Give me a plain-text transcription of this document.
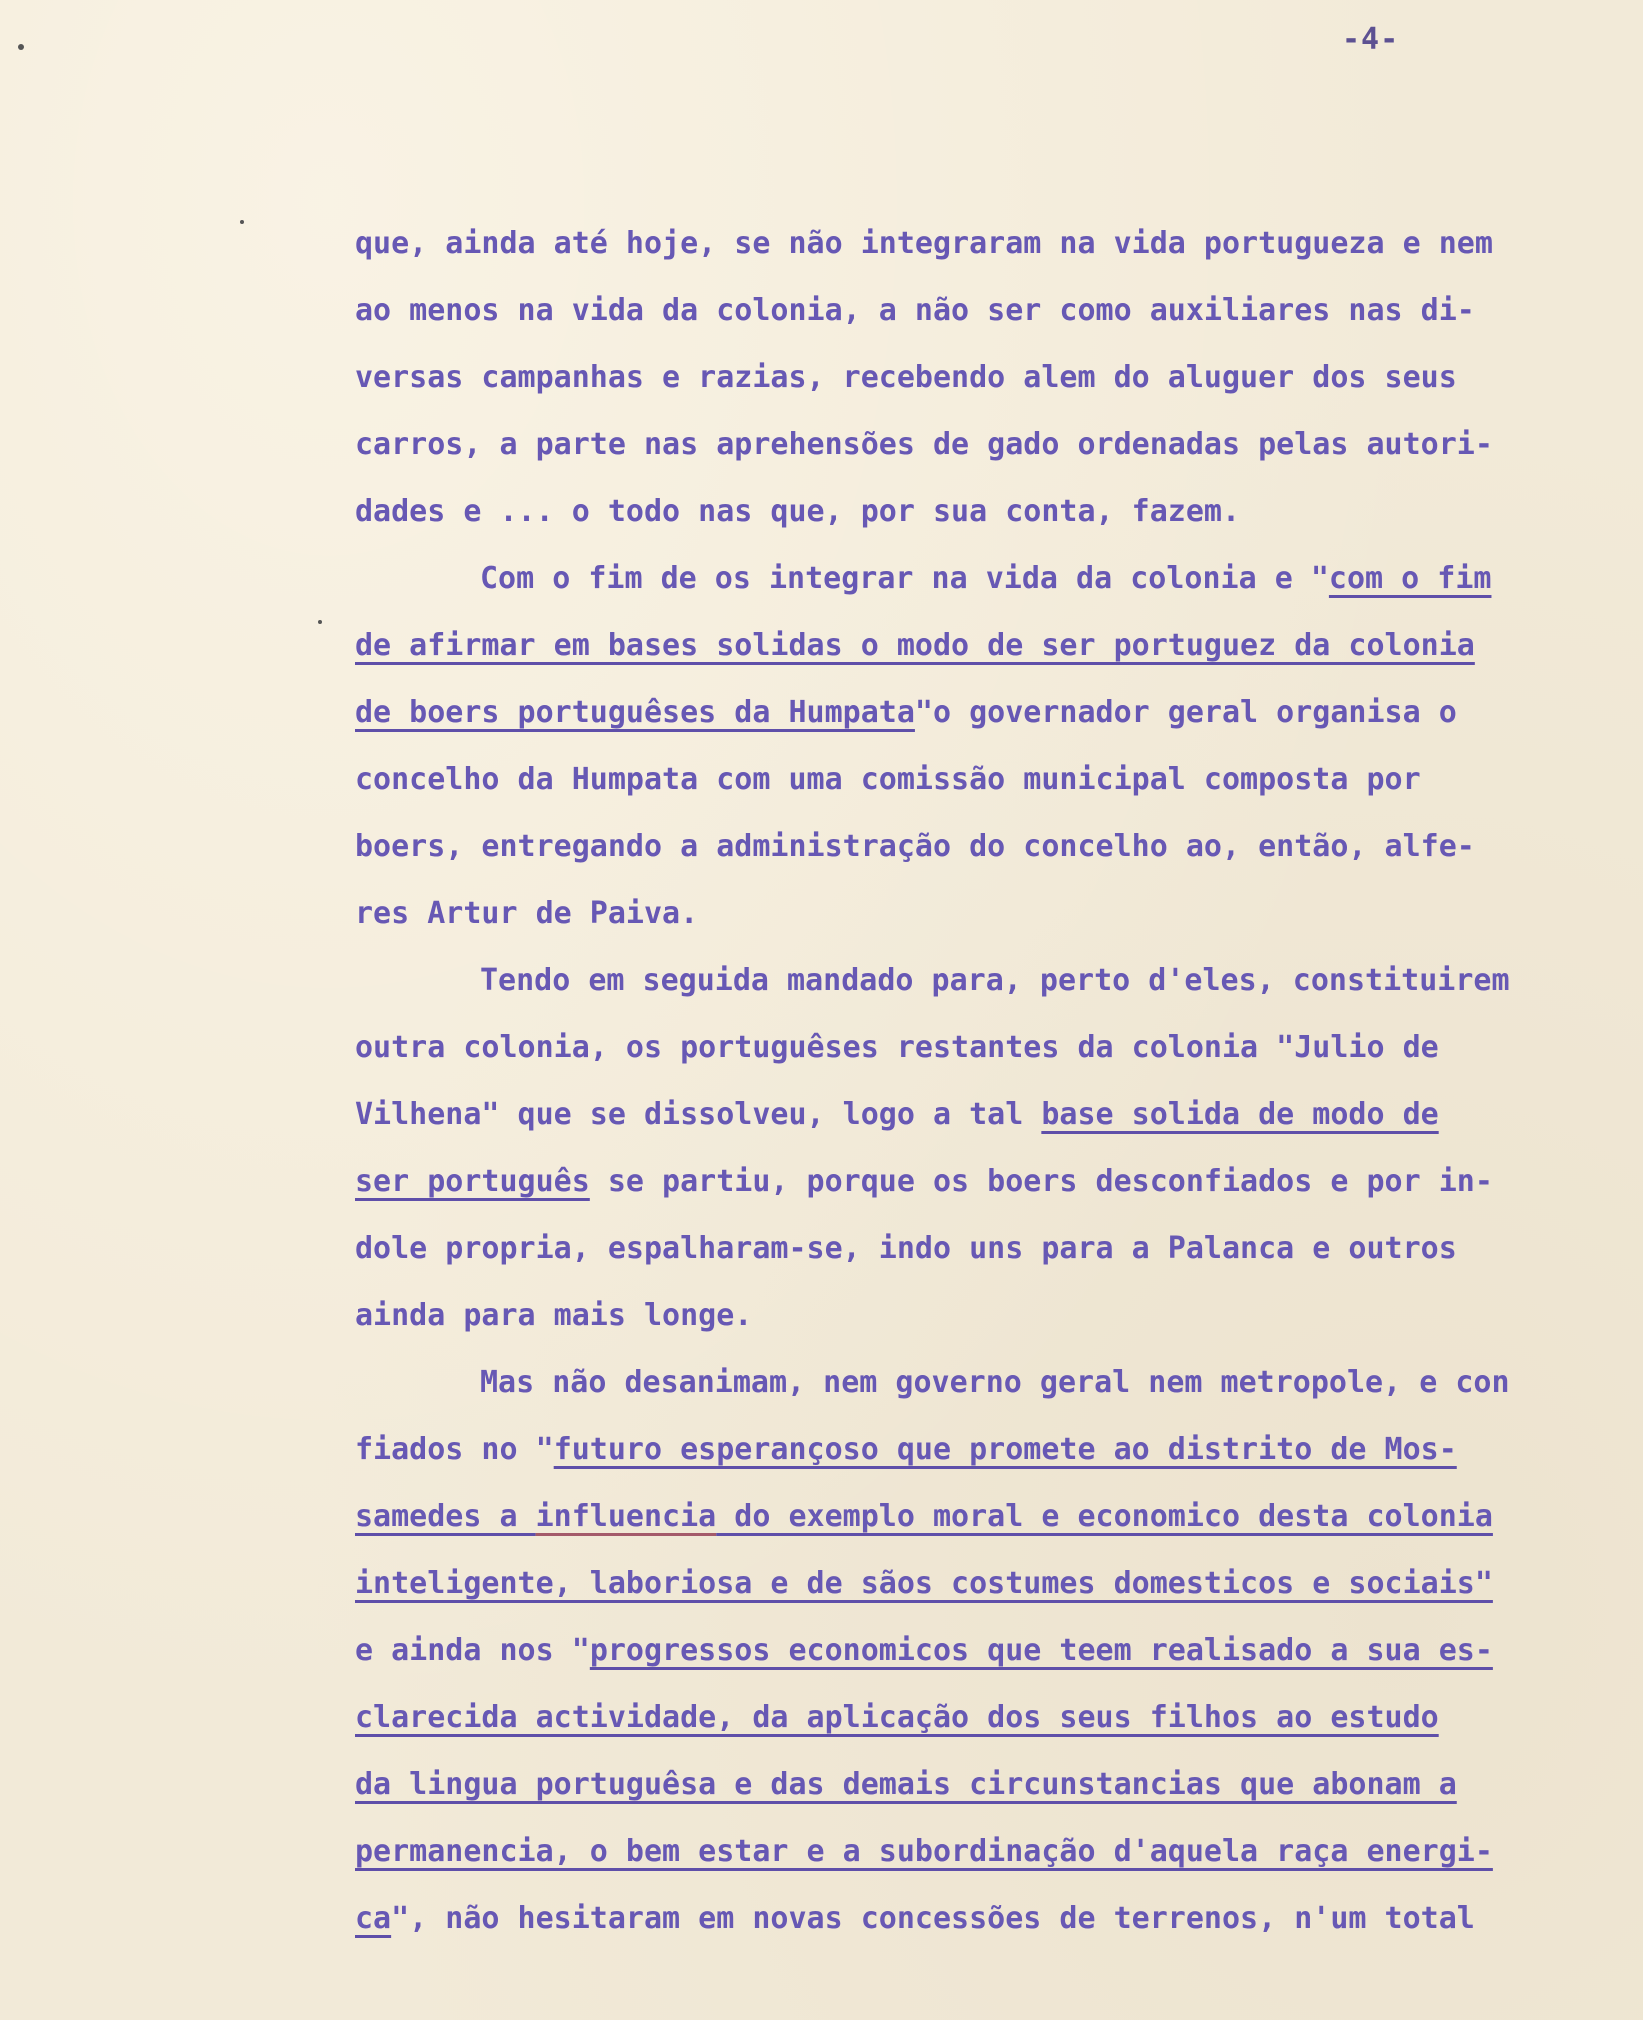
-4-
que, ainda até hoje, se não integraram na vida portugueza e nem
ao menos na vida da colonia, a não ser como auxiliares nas di-
versas campanhas e razias, recebendo alem do aluguer dos seus
carros, a parte nas aprehensões de gado ordenadas pelas autori-
dades e ... o todo nas que, por sua conta, fazem.
Com o fim de os integrar na vida da colonia e "com o fim
de afirmar em bases solidas o modo de ser portuguez da colonia
de boers portuguêses da Humpata"o governador geral organisa o
concelho da Humpata com uma comissão municipal composta por
boers, entregando a administração do concelho ao, então, alfe-
res Artur de Paiva.
Tendo em seguida mandado para, perto d'eles, constituirem
outra colonia, os portuguêses restantes da colonia "Julio de
Vilhena" que se dissolveu, logo a tal base solida de modo de
ser português se partiu, porque os boers desconfiados e por in-
dole propria, espalharam-se, indo uns para a Palanca e outros
ainda para mais longe.
Mas não desanimam, nem governo geral nem metropole, e con
fiados no "futuro esperançoso que promete ao distrito de Mos-
samedes a influencia do exemplo moral e economico desta colonia
inteligente, laboriosa e de sãos costumes domesticos e sociais"
e ainda nos "progressos economicos que teem realisado a sua es-
clarecida actividade, da aplicação dos seus filhos ao estudo
da lingua portuguêsa e das demais circunstancias que abonam a
permanencia, o bem estar e a subordinação d'aquela raça energi-
ca", não hesitaram em novas concessões de terrenos, n'um total
